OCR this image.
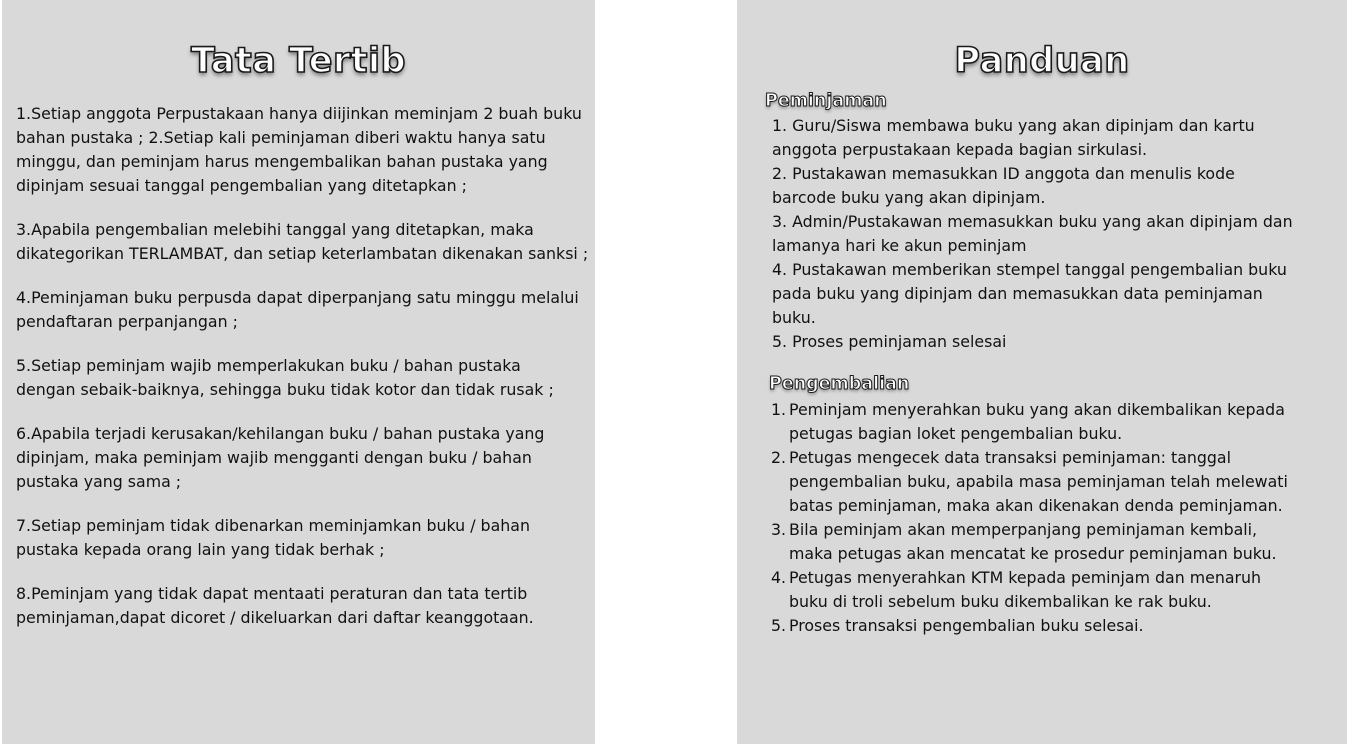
Tata Tertib

1.Setiap anggota Perpustakaan hanya diijinkan meminjam 2 buah buku
bahan pustaka ; 2.Setiap kali peminjaman diberi waktu hanya satu
minggu, dan peminjam harus mengembalikan bahan pustaka yang
dipinjam sesuai tanggal pengembalian yang ditetapkan ;

3.Apabila pengembalian melebihi tanggal yang ditetapkan, maka
dikategorikan TERLAMBAT, dan setiap keterlambatan dikenakan sanksi ;

4.Peminjaman buku perpusda dapat diperpanjang satu minggu melalui
pendaftaran perpanjangan ;

5.Setiap peminjam wajib memperlakukan buku / bahan pustaka
dengan sebaik-baiknya, sehingga buku tidak kotor dan tidak rusak ;

6.Apabila terjadi kerusakan/kehilangan buku / bahan pustaka yang
dipinjam, maka peminjam wajib mengganti dengan buku / bahan
pustaka yang sama ;

7.Setiap peminjam tidak dibenarkan meminjamkan buku / bahan
pustaka kepada orang lain yang tidak berhak ;

8.Peminjam yang tidak dapat mentaati peraturan dan tata tertib
peminjaman,dapat dicoret / dikeluarkan dari daftar keanggotaan.

Panduan
Peminjaman
1. Guru/Siswa membawa buku yang akan dipinjam dan kartu
anggota perpustakaan kepada bagian sirkulasi.
2. Pustakawan memasukkan ID anggota dan menulis kode
barcode buku yang akan dipinjam.
3. Admin/Pustakawan memasukkan buku yang akan dipinjam dan
lamanya hari ke akun peminjam
4. Pustakawan memberikan stempel tanggal pengembalian buku
pada buku yang dipinjam dan memasukkan data peminjaman
buku.
5. Proses peminjaman selesai
Pengembalian
1. Peminjam menyerahkan buku yang akan dikembalikan kepada
petugas bagian loket pengembalian buku.
2. Petugas mengecek data transaksi peminjaman: tanggal
pengembalian buku, apabila masa peminjaman telah melewati
batas peminjaman, maka akan dikenakan denda peminjaman.
3. Bila peminjam akan memperpanjang peminjaman kembali,
maka petugas akan mencatat ke prosedur peminjaman buku.
4. Petugas menyerahkan KTM kepada peminjam dan menaruh
buku di troli sebelum buku dikembalikan ke rak buku.
5. Proses transaksi pengembalian buku selesai.
